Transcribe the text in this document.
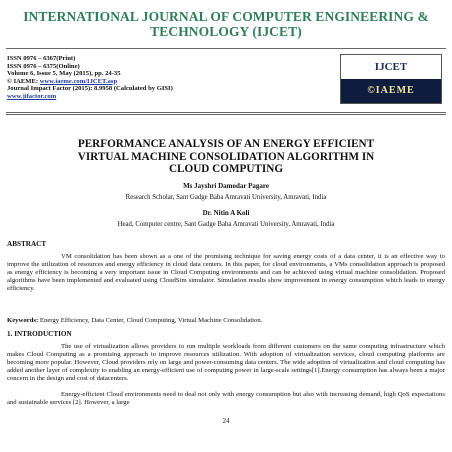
INTERNATIONAL JOURNAL OF COMPUTER ENGINEERING &
TECHNOLOGY (IJCET)
ISSN 0976 – 6367(Print)
ISSN 0976 – 6375(Online)
Volume 6, Issue 5, May (2015), pp. 24-35
© IAEME: www.iaeme.com/IJCET.asp
Journal Impact Factor (2015): 8.9958 (Calculated by GISI)
www.jifactor.com
IJCET
©IAEME
PERFORMANCE ANALYSIS OF AN ENERGY EFFICIENT
VIRTUAL MACHINE CONSOLIDATION ALGORITHM IN
CLOUD COMPUTING
Ms Jayshri Damodar Pagare
Research Scholar, Sant Gadge Baba Amravati University, Amravati, India
Dr. Nitin A Koli
Head, Computer centre, Sant Gadge Baba Amravati University, Amravati, India
ABSTRACT
VM consolidation has been shown as a one of the promising technique for saving energy costs of a data center, it is an effective way to improve the utilization of resources and energy efficiency in cloud data centers. In this paper, for cloud environments, a VMs consolidation approach is proposed as energy efficiency is becoming a very important issue in Cloud Computing environments and can be achieved using virtual machine consolidation. Proposed algorithms have been implemented and evaluated using CloudSim simulator. Simulation results show improvement in energy consumption which leads to energy efficiency.
Keywords: Energy Efficiency, Data Center, Cloud Computing, Virtual Machine Consolidation.
1. INTRODUCTION
The use of virtualization allows providers to run multiple workloads from different customers on the same computing infrastructure which makes Cloud Computing as a promising approach to improve resources utilization. With adoption of virtualization services, cloud computing platforms are becoming more popular. However, Cloud providers rely on large and power-consuming data centers. The wide adoption of virtualization and cloud computing has added another layer of complexity to enabling an energy-efficient use of computing power in large-scale settings[1].Energy consumption has always been a major concern in the design and cost of datacenters.
Energy-efficient Cloud environments need to deal not only with energy consumption but also with increasing demand, high QoS expectations and sustainable services [2]. However, a large
24
